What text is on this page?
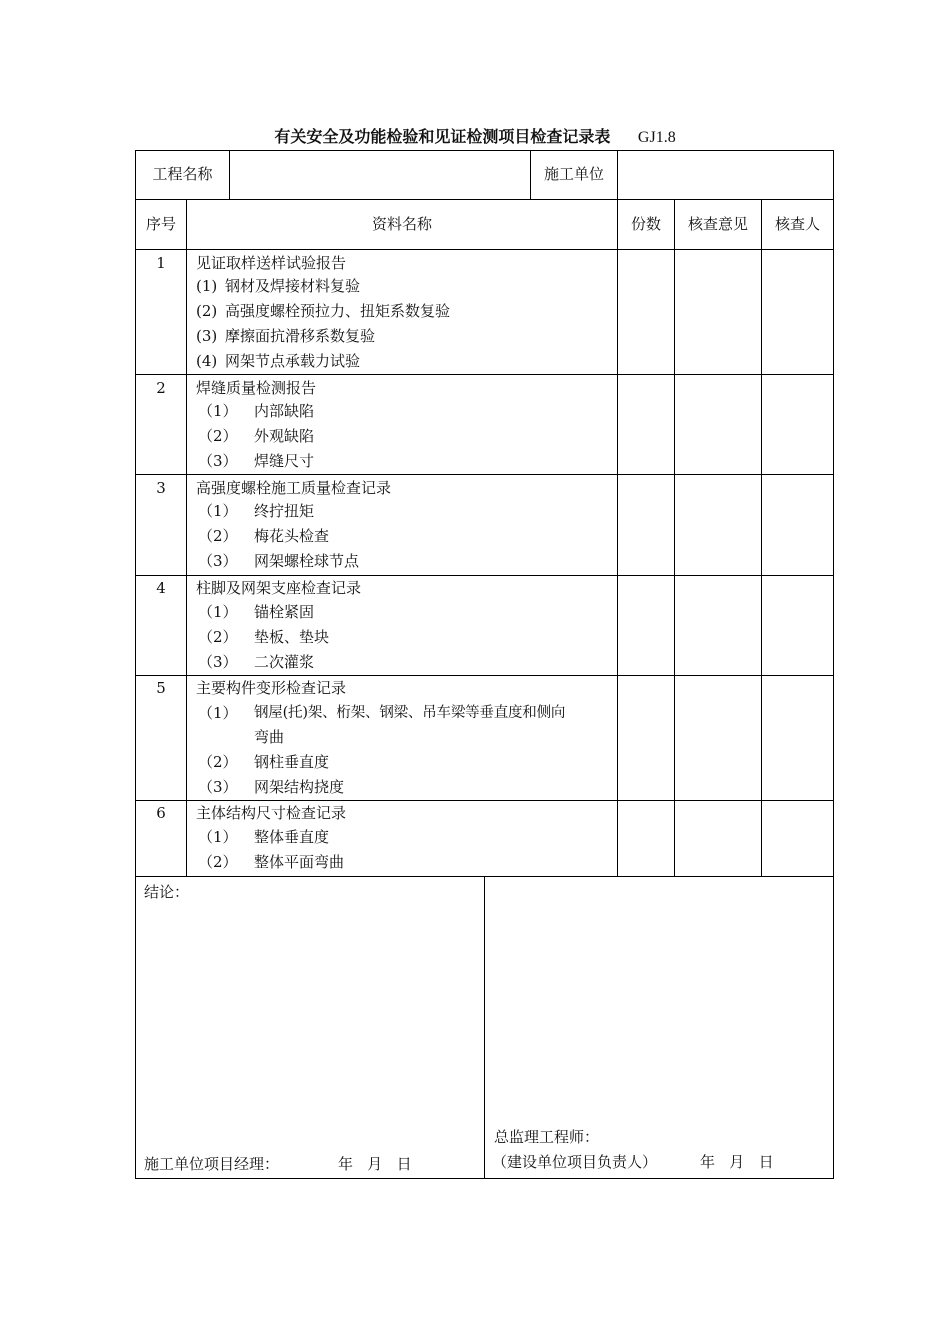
有关安全及功能检验和见证检测项目检查记录表 GJ1.8
工程名称	施工单位
序号	资料名称	份数	核查意见	核查人
1	见证取样送样试验报告
(1) 钢材及焊接材料复验
(2) 高强度螺栓预拉力、扭矩系数复验
(3) 摩擦面抗滑移系数复验
(4) 网架节点承载力试验
2	焊缝质量检测报告
（1） 内部缺陷
（2） 外观缺陷
（3） 焊缝尺寸
3	高强度螺栓施工质量检查记录
（1） 终拧扭矩
（2） 梅花头检查
（3） 网架螺栓球节点
4	柱脚及网架支座检查记录
（1） 锚栓紧固
（2） 垫板、垫块
（3） 二次灌浆
5	主要构件变形检查记录
（1） 钢屋(托)架、桁架、钢梁、吊车梁等垂直度和侧向
弯曲
（2） 钢柱垂直度
（3） 网架结构挠度
6	主体结构尺寸检查记录
（1） 整体垂直度
（2） 整体平面弯曲
结论：
施工单位项目经理：	年   月   日
总监理工程师：
（建设单位项目负责人）	年   月   日
